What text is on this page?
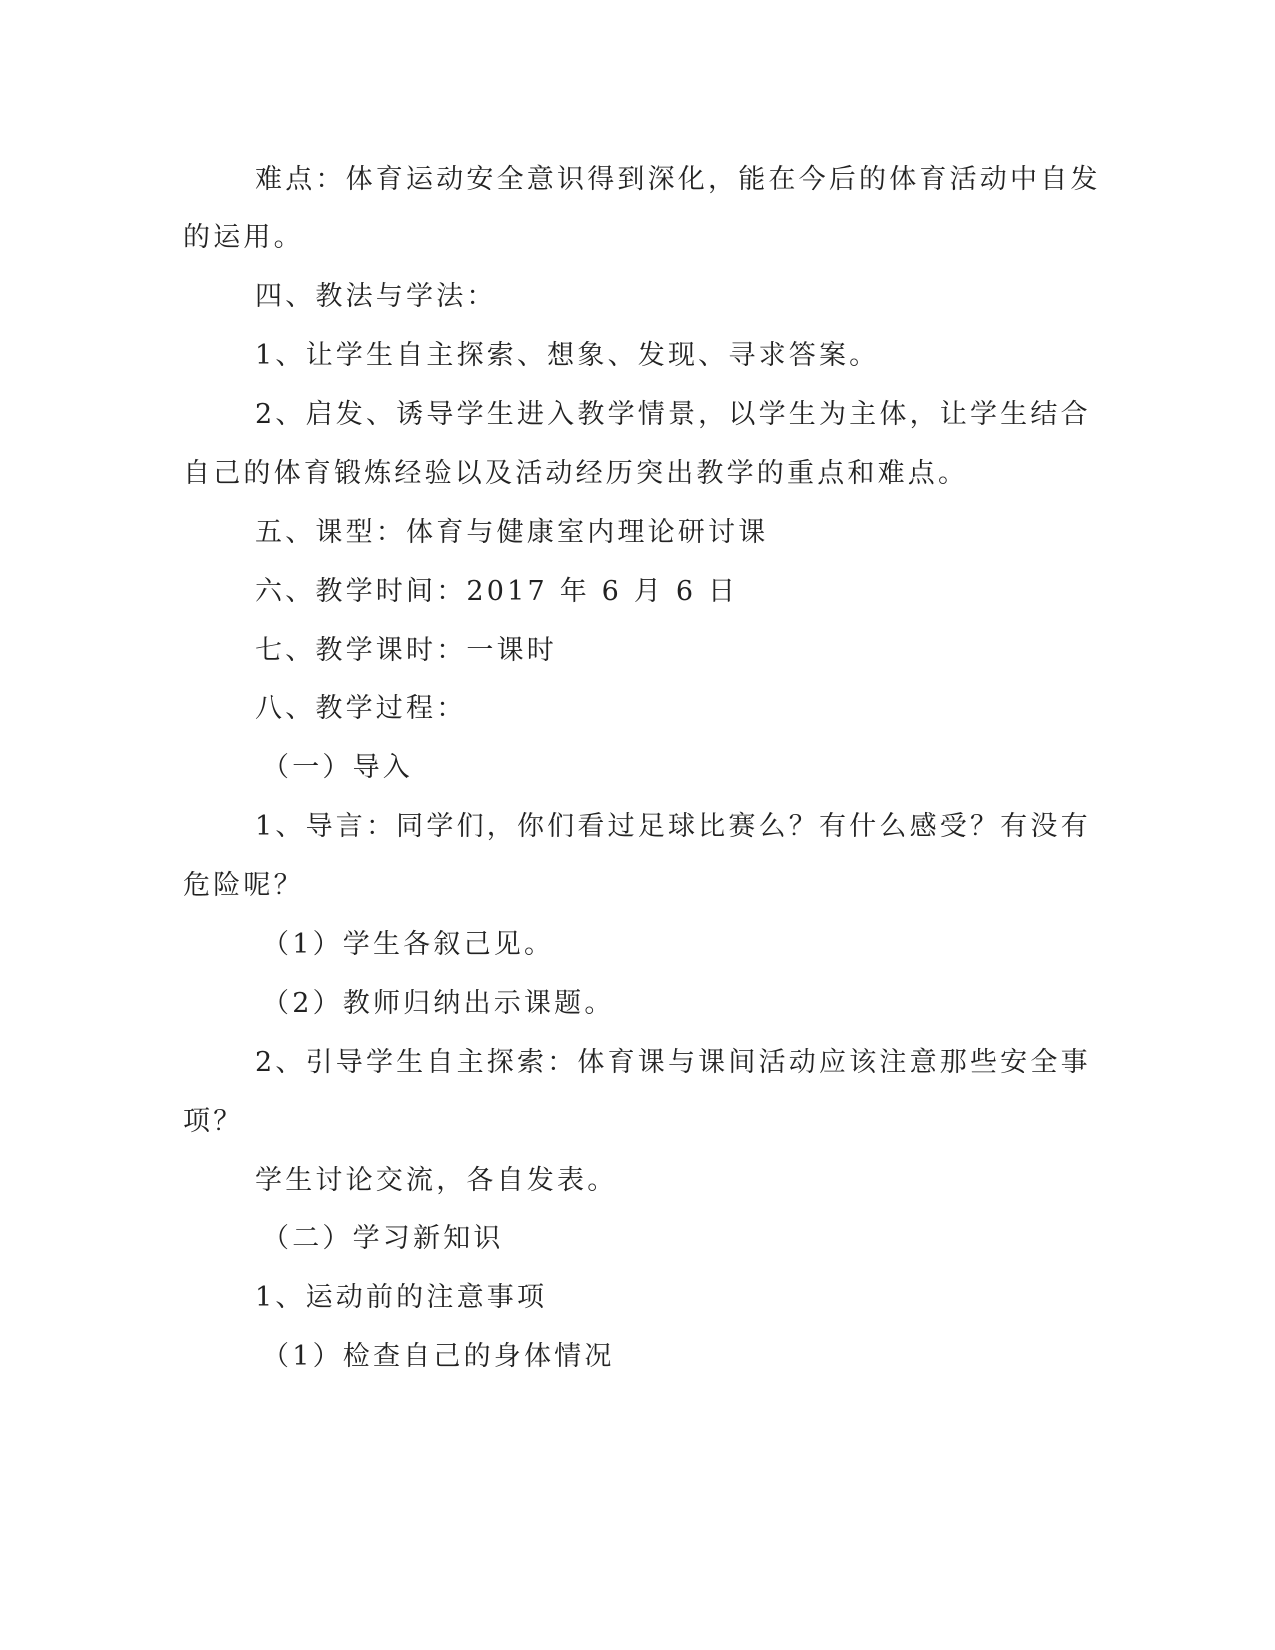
难点：体育运动安全意识得到深化，能在今后的体育活动中自发
的运用。
四、教法与学法：
1、让学生自主探索、想象、发现、寻求答案。
2、启发、诱导学生进入教学情景，以学生为主体，让学生结合
自己的体育锻炼经验以及活动经历突出教学的重点和难点。
五、课型：体育与健康室内理论研讨课
六、教学时间：2017 年 6 月 6 日
七、教学课时：一课时
八、教学过程：
（一）导入
1、导言：同学们，你们看过足球比赛么？有什么感受？有没有
危险呢？
（1）学生各叙己见。
（2）教师归纳出示课题。
2、引导学生自主探索：体育课与课间活动应该注意那些安全事
项？
学生讨论交流，各自发表。
（二）学习新知识
1、运动前的注意事项
（1）检查自己的身体情况
